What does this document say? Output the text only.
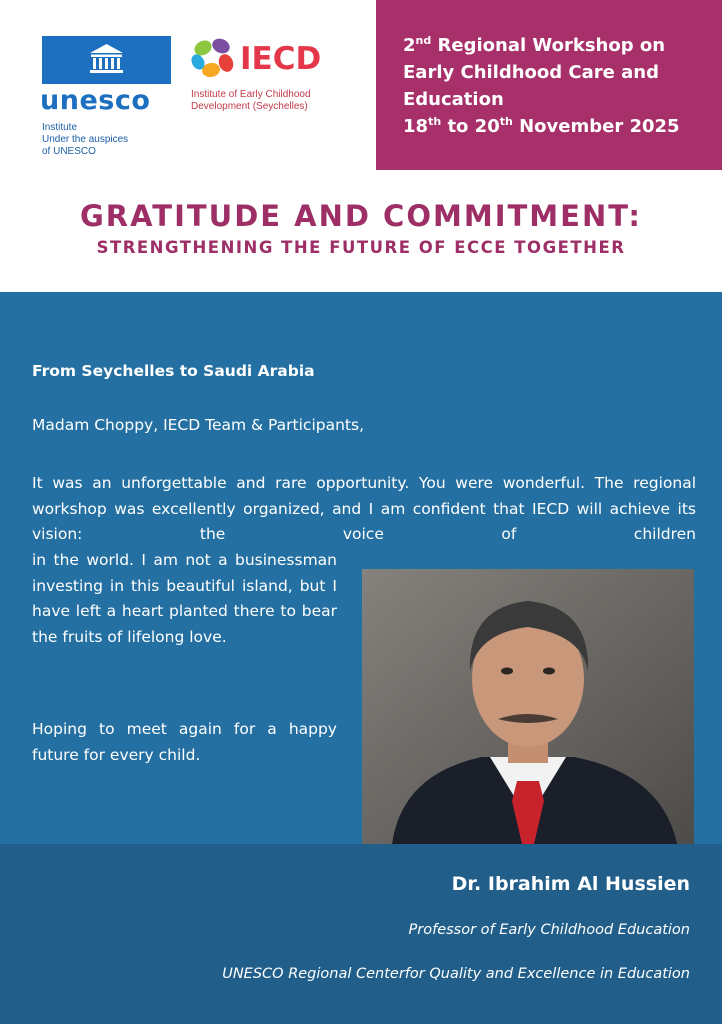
unesco
Institute
Under the auspices
of UNESCO
IECD
Institute of Early Childhood
Development (Seychelles)
2nd Regional Workshop on
Early Childhood Care and
Education
18th to 20th November 2025
GRATITUDE AND COMMITMENT:
STRENGTHENING THE FUTURE OF ECCE TOGETHER
From Seychelles to Saudi Arabia
Madam Choppy, IECD Team & Participants,
It was an unforgettable and rare opportunity. You were wonderful. The regional workshop was excellently organized, and I am confident that IECD will achieve its vision: the voice of children
in the world. I am not a businessman investing in this beautiful island, but I have left a heart planted there to bear the fruits of lifelong love.
Hoping to meet again for a happy future for every child.
Dr. Ibrahim Al Hussien
Professor of Early Childhood Education
UNESCO Regional Centerfor Quality and Excellence in Education
